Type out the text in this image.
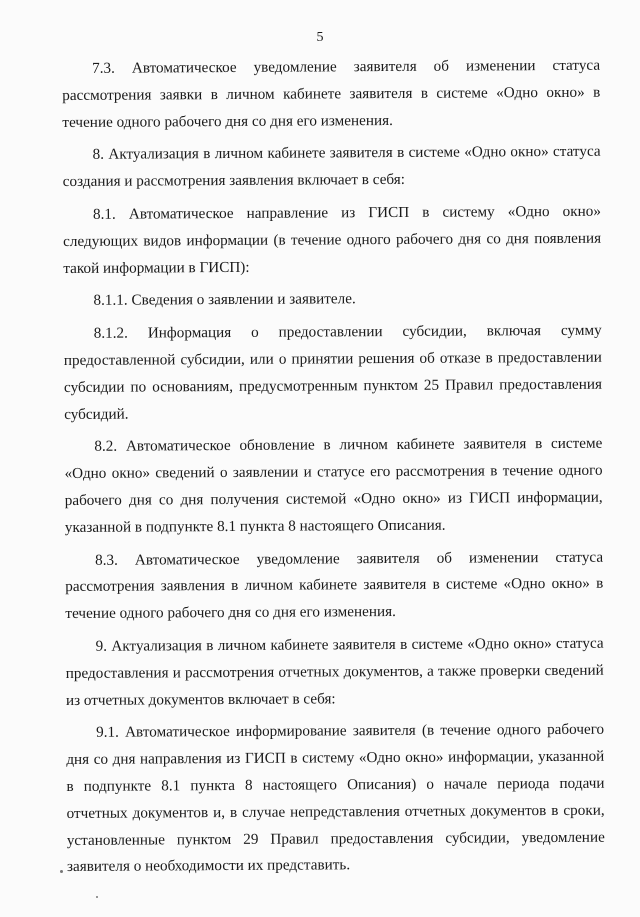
5

7.3. Автоматическое уведомление заявителя об изменении статуса рассмотрения заявки в личном кабинете заявителя в системе «Одно окно» в течение одного рабочего дня со дня его изменения.

8. Актуализация в личном кабинете заявителя в системе «Одно окно» статуса создания и рассмотрения заявления включает в себя:

8.1. Автоматическое направление из ГИСП в систему «Одно окно» следующих видов информации (в течение одного рабочего дня со дня появления такой информации в ГИСП):

8.1.1. Сведения о заявлении и заявителе.

8.1.2. Информация о предоставлении субсидии, включая сумму предоставленной субсидии, или о принятии решения об отказе в предоставлении субсидии по основаниям, предусмотренным пунктом 25 Правил предоставления субсидий.

8.2. Автоматическое обновление в личном кабинете заявителя в системе «Одно окно» сведений о заявлении и статусе его рассмотрения в течение одного рабочего дня со дня получения системой «Одно окно» из ГИСП информации, указанной в подпункте 8.1 пункта 8 настоящего Описания.

8.3. Автоматическое уведомление заявителя об изменении статуса рассмотрения заявления в личном кабинете заявителя в системе «Одно окно» в течение одного рабочего дня со дня его изменения.

9. Актуализация в личном кабинете заявителя в системе «Одно окно» статуса предоставления и рассмотрения отчетных документов, а также проверки сведений из отчетных документов включает в себя:

9.1. Автоматическое информирование заявителя (в течение одного рабочего дня со дня направления из ГИСП в систему «Одно окно» информации, указанной в подпункте 8.1 пункта 8 настоящего Описания) о начале периода подачи отчетных документов и, в случае непредставления отчетных документов в сроки, установленные пунктом 29 Правил предоставления субсидии, уведомление заявителя о необходимости их представить.
